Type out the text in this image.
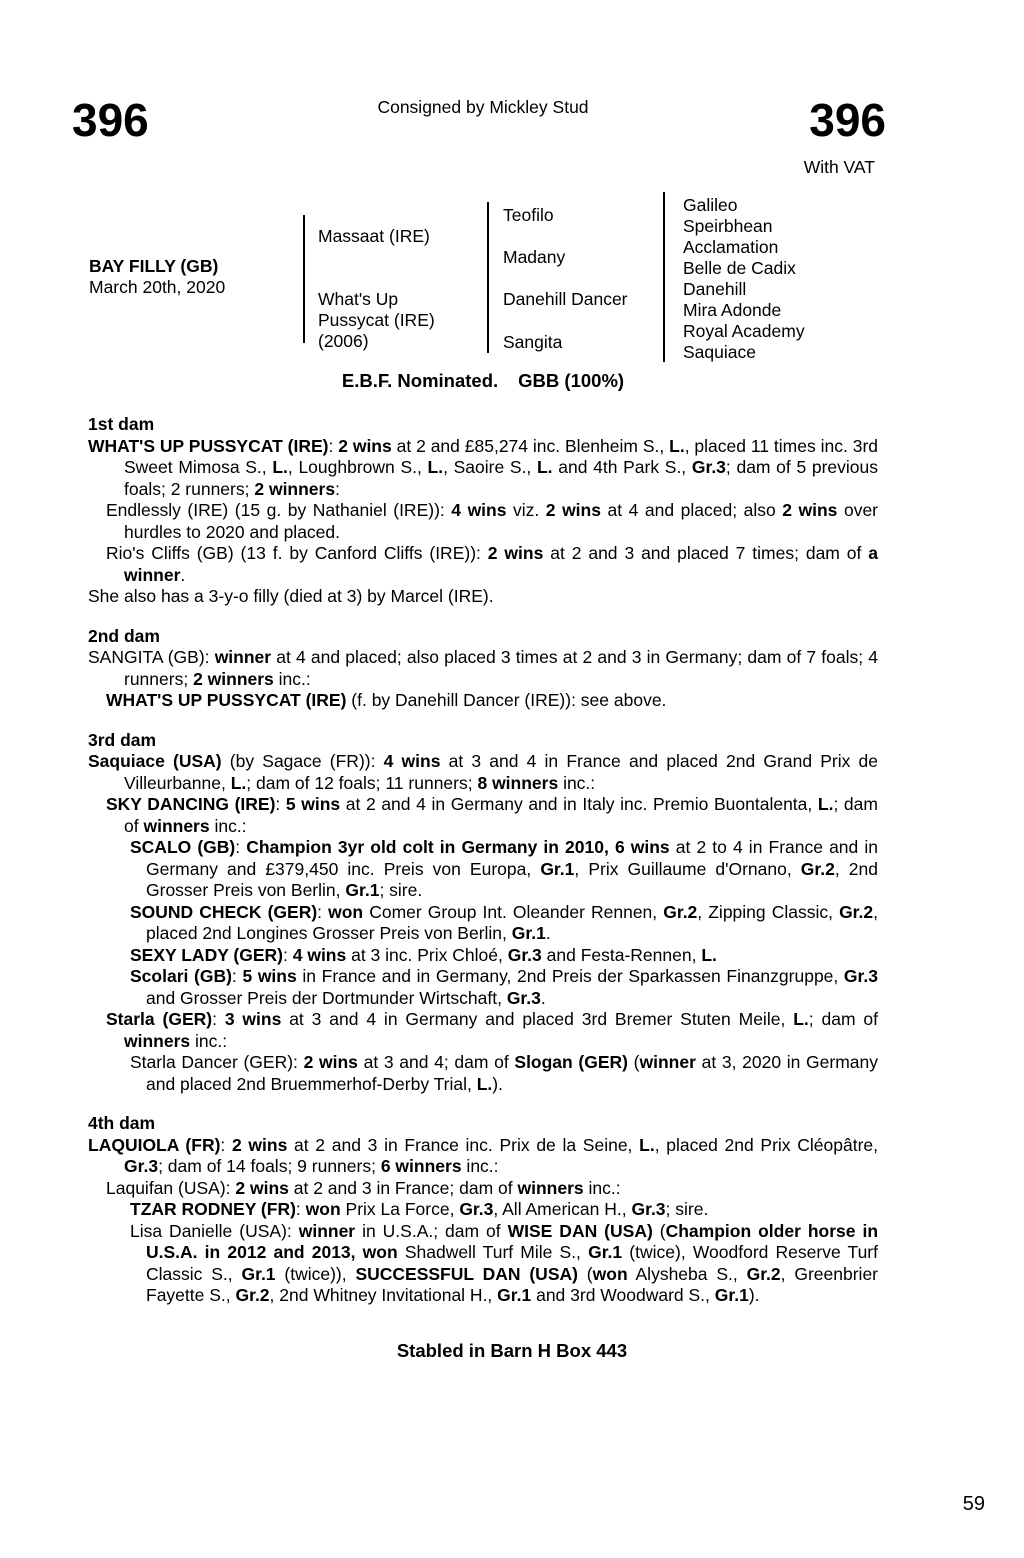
396	Consigned by Mickley Stud	396
With VAT
BAY FILLY (GB)
March 20th, 2020
Massaat (IRE)
What's Up
Pussycat (IRE)
(2006)
Teofilo
Madany
Danehill Dancer
Sangita
Galileo
Speirbhean
Acclamation
Belle de Cadix
Danehill
Mira Adonde
Royal Academy
Saquiace
E.B.F. Nominated. GBB (100%)
1st dam

WHAT'S UP PUSSYCAT (IRE): 2 wins at 2 and £85,274 inc. Blenheim S., L., placed 11 times inc. 3rd Sweet Mimosa S., L., Loughbrown S., L., Saoire S., L. and 4th Park S., Gr.3; dam of 5 previous foals; 2 runners; 2 winners:

Endlessly (IRE) (15 g. by Nathaniel (IRE)): 4 wins viz. 2 wins at 4 and placed; also 2 wins over hurdles to 2020 and placed.

Rio's Cliffs (GB) (13 f. by Canford Cliffs (IRE)): 2 wins at 2 and 3 and placed 7 times; dam of a winner.

She also has a 3-y-o filly (died at 3) by Marcel (IRE).

2nd dam

SANGITA (GB): winner at 4 and placed; also placed 3 times at 2 and 3 in Germany; dam of 7 foals; 4 runners; 2 winners inc.:

WHAT'S UP PUSSYCAT (IRE) (f. by Danehill Dancer (IRE)): see above.

3rd dam

Saquiace (USA) (by Sagace (FR)): 4 wins at 3 and 4 in France and placed 2nd Grand Prix de Villeurbanne, L.; dam of 12 foals; 11 runners; 8 winners inc.:

SKY DANCING (IRE): 5 wins at 2 and 4 in Germany and in Italy inc. Premio Buontalenta, L.; dam of winners inc.:

SCALO (GB): Champion 3yr old colt in Germany in 2010, 6 wins at 2 to 4 in France and in Germany and £379,450 inc. Preis von Europa, Gr.1, Prix Guillaume d'Ornano, Gr.2, 2nd Grosser Preis von Berlin, Gr.1; sire.

SOUND CHECK (GER): won Comer Group Int. Oleander Rennen, Gr.2, Zipping Classic, Gr.2, placed 2nd Longines Grosser Preis von Berlin, Gr.1.

SEXY LADY (GER): 4 wins at 3 inc. Prix Chloé, Gr.3 and Festa-Rennen, L.

Scolari (GB): 5 wins in France and in Germany, 2nd Preis der Sparkassen Finanzgruppe, Gr.3 and Grosser Preis der Dortmunder Wirtschaft, Gr.3.

Starla (GER): 3 wins at 3 and 4 in Germany and placed 3rd Bremer Stuten Meile, L.; dam of winners inc.:

Starla Dancer (GER): 2 wins at 3 and 4; dam of Slogan (GER) (winner at 3, 2020 in Germany and placed 2nd Bruemmerhof-Derby Trial, L.).

4th dam

LAQUIOLA (FR): 2 wins at 2 and 3 in France inc. Prix de la Seine, L., placed 2nd Prix Cléopâtre, Gr.3; dam of 14 foals; 9 runners; 6 winners inc.:

Laquifan (USA): 2 wins at 2 and 3 in France; dam of winners inc.:

TZAR RODNEY (FR): won Prix La Force, Gr.3, All American H., Gr.3; sire.

Lisa Danielle (USA): winner in U.S.A.; dam of WISE DAN (USA) (Champion older horse in U.S.A. in 2012 and 2013, won Shadwell Turf Mile S., Gr.1 (twice), Woodford Reserve Turf Classic S., Gr.1 (twice)), SUCCESSFUL DAN (USA) (won Alysheba S., Gr.2, Greenbrier Fayette S., Gr.2, 2nd Whitney Invitational H., Gr.1 and 3rd Woodward S., Gr.1).

Stabled in Barn H Box 443
59
